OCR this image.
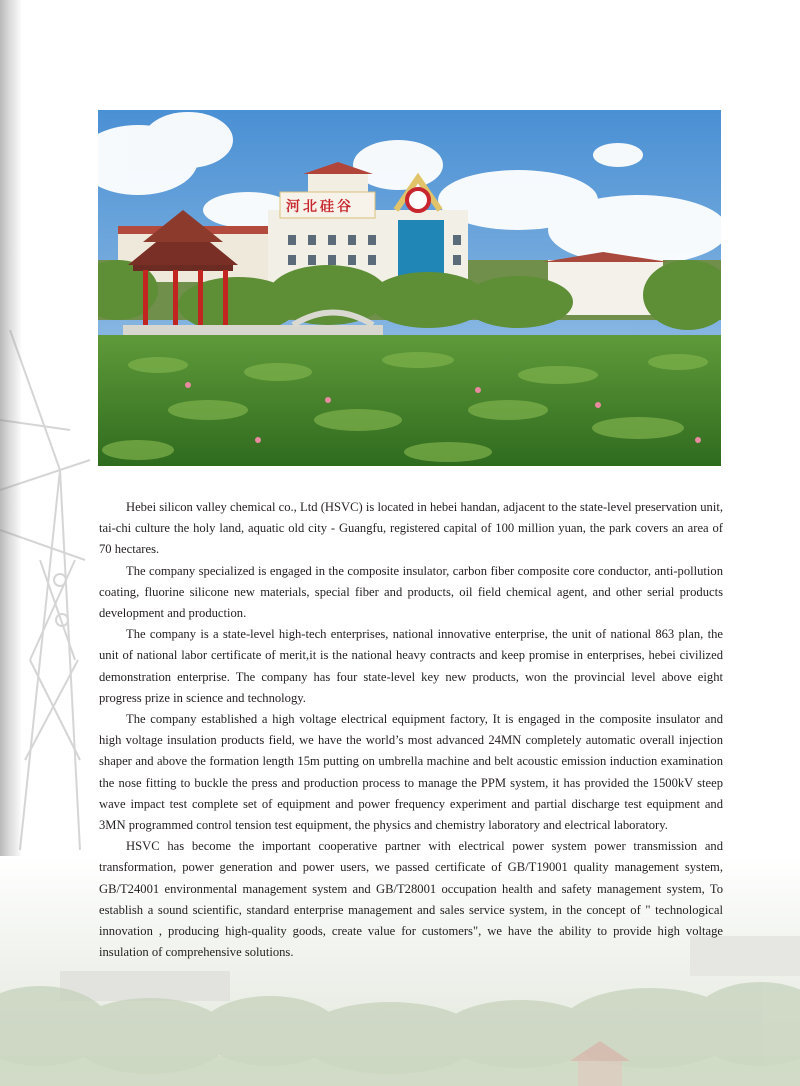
河北硅谷

Hebei silicon valley chemical co., Ltd (HSVC) is located in hebei handan, adjacent to the state-level preservation unit, tai-chi culture the holy land, aquatic old city - Guangfu, registered capital of 100 million yuan, the park covers an area of 70 hectares.

The company specialized is engaged in the composite insulator, carbon fiber composite core conductor, anti-pollution coating, fluorine silicone new materials, special fiber and products, oil field chemical agent, and other serial products development and production.

The company is a state-level high-tech enterprises, national innovative enterprise, the unit of national 863 plan, the unit of national labor certificate of merit,it is the national heavy contracts and keep promise in enterprises, hebei civilized demonstration enterprise. The company has four state-level key new products, won the provincial level above eight progress prize in science and technology.

The company established a high voltage electrical equipment factory, It is engaged in the composite insulator and high voltage insulation products field, we have the world’s most advanced 24MN completely automatic overall injection shaper and above the formation length 15m putting on umbrella machine and belt acoustic emission induction examination the nose fitting to buckle the press and production process to manage the PPM system, it has provided the 1500kV steep wave impact test complete set of equipment and power frequency experiment and partial discharge test equipment and 3MN programmed control tension test equipment, the physics and chemistry laboratory and electrical laboratory.

HSVC has become the important cooperative partner with electrical power system power transmission and transformation, power generation and power users, we passed certificate of GB/T19001 quality management system, GB/T24001 environmental management system and GB/T28001 occupation health and safety management system, To establish a sound scientific, standard enterprise management and sales service system, in the concept of " technological innovation , producing high-quality goods, create value for customers", we have the ability to provide high voltage insulation of comprehensive solutions.
